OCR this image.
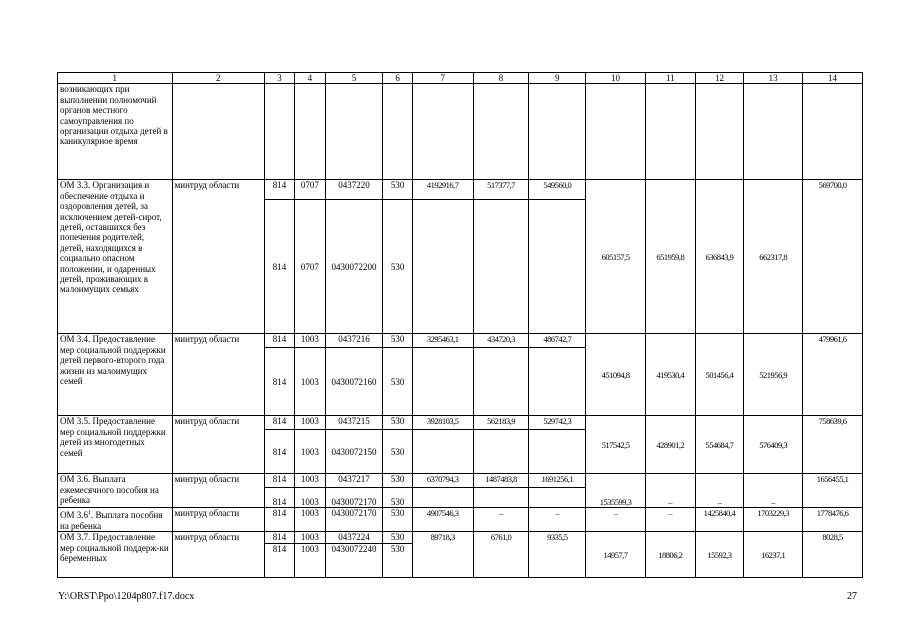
1	2	3	4	5	6	7	8	9	10	11	12	13	14
возникающих при выполнении полномочий органов местного самоуправления по организации отдыха детей в каникулярное время													
ОМ 3.3. Организация и обеспечение отдыха и оздоровления детей, за исключением детей-сирот, детей, оставшихся без попечения родителей, детей, находящихся в социально опасном положении, и одаренных детей, проживающих в малоимущих семьях	минтруд области	814	0707	0437220	530	4192916,7	517377,7	549560,0	605157,5	651959,8	636843,9	662317,8	569700,0
		814	0707	0430072200	530								
ОМ 3.4. Предоставление мер социальной поддержки детей первого-второго года жизни из малоимущих семей	минтруд области	814	1003	0437216	530	3295463,1	434720,3	486742,7	451094,8	419530,4	501456,4	521956,9	479961,6
		814	1003	0430072160	530								
ОМ 3.5. Предоставление мер социальной поддержки детей из многодетных семей	минтруд области	814	1003	0437215	530	3928103,5	562183,9	529742,3	517542,5	428901,2	554684,7	576409,3	758639,6
		814	1003	0430072150	530								
ОМ 3.6. Выплата ежемесячного пособия на ребенка	минтруд области	814	1003	0437217	530	6370794,3	1487483,8	1691256,1	1535599,3	–	–	–	1656455,1
		814	1003	0430072170	530								
ОМ $3.6^1$. Выплата пособия на ребенка	минтруд области	814	1003	0430072170	530	4907546,3	–	–	–	–	1425840,4	1703229,3	1778476,6
ОМ 3.7. Предоставление мер социальной поддерж-ки беременных	минтруд области	814	1003	0437224	530	89718,3	6761,0	9335,5	14957,7	18806,2	15592,3	16237,1	8028,5
		814	1003	0430072240	530								
Y:\ORST\Ppo\1204p807.f17.docx	27
